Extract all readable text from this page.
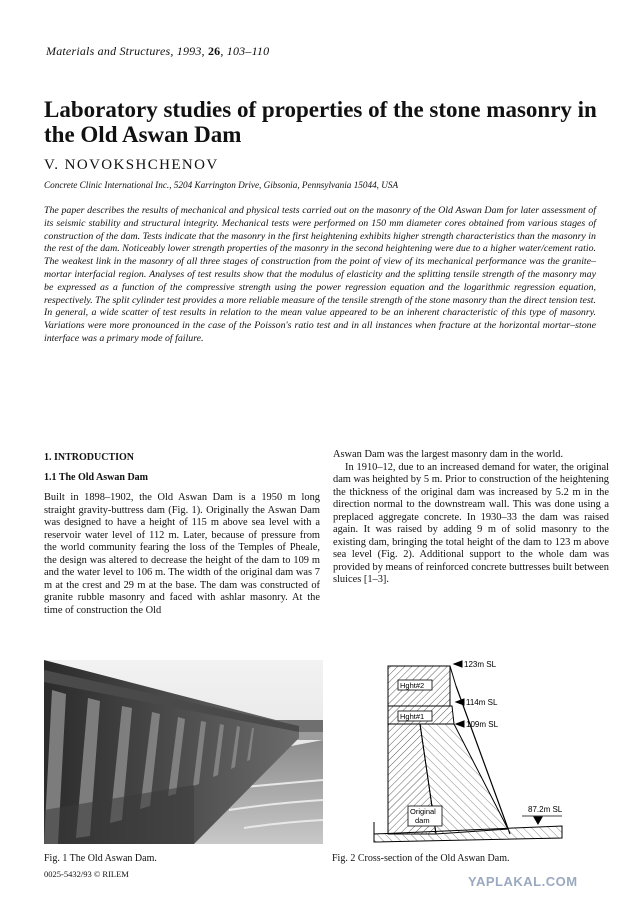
Materials and Structures, 1993, 26, 103–110
Laboratory studies of properties of the stone masonry in the Old Aswan Dam
V. NOVOKSHCHENOV
Concrete Clinic International Inc., 5204 Karrington Drive, Gibsonia, Pennsylvania 15044, USA

The paper describes the results of mechanical and physical tests carried out on the masonry of the Old Aswan Dam for later assessment of its seismic stability and structural integrity. Mechanical tests were performed on 150 mm diameter cores obtained from various stages of construction of the dam. Tests indicate that the masonry in the first heightening exhibits higher strength characteristics than the masonry in the rest of the dam. Noticeably lower strength properties of the masonry in the second heightening were due to a higher water/cement ratio. The weakest link in the masonry of all three stages of construction from the point of view of its mechanical performance was the granite–mortar interfacial region. Analyses of test results show that the modulus of elasticity and the splitting tensile strength of the masonry may be expressed as a function of the compressive strength using the power regression equation and the logarithmic regression equation, respectively. The split cylinder test provides a more reliable measure of the tensile strength of the stone masonry than the direct tension test. In general, a wide scatter of test results in relation to the mean value appeared to be an inherent characteristic of this type of masonry. Variations were more pronounced in the case of the Poisson's ratio test and in all instances when fracture at the horizontal mortar–stone interface was a primary mode of failure.

1. INTRODUCTION
1.1 The Old Aswan Dam

Built in 1898–1902, the Old Aswan Dam is a 1950 m long straight gravity-buttress dam (Fig. 1). Originally the Aswan Dam was designed to have a height of 115 m above sea level with a reservoir water level of 112 m. Later, because of pressure from the world community fearing the loss of the Temples of Pheale, the design was altered to decrease the height of the dam to 109 m and the water level to 106 m. The width of the original dam was 7 m at the crest and 29 m at the base. The dam was constructed of granite rubble masonry and faced with ashlar masonry. At the time of construction the Old

Aswan Dam was the largest masonry dam in the world.

In 1910–12, due to an increased demand for water, the original dam was heighted by 5 m. Prior to construction of the heightening the thickness of the original dam was increased by 5.2 m in the direction normal to the downstream wall. This was done using a preplaced aggregate concrete. In 1930–33 the dam was raised again. It was raised by adding 9 m of solid masonry to the existing dam, bringing the total height of the dam to 123 m above sea level (Fig. 2). Additional support to the whole dam was provided by means of reinforced concrete buttresses built between sluices [1–3].

Hght#2
Hght#1
Original
dam
123m SL
114m SL
109m SL
87.2m SL
Fig. 1 The Old Aswan Dam.	Fig. 2 Cross-section of the Old Aswan Dam.
0025-5432/93 © RILEM	YAPLAKAL.COM
